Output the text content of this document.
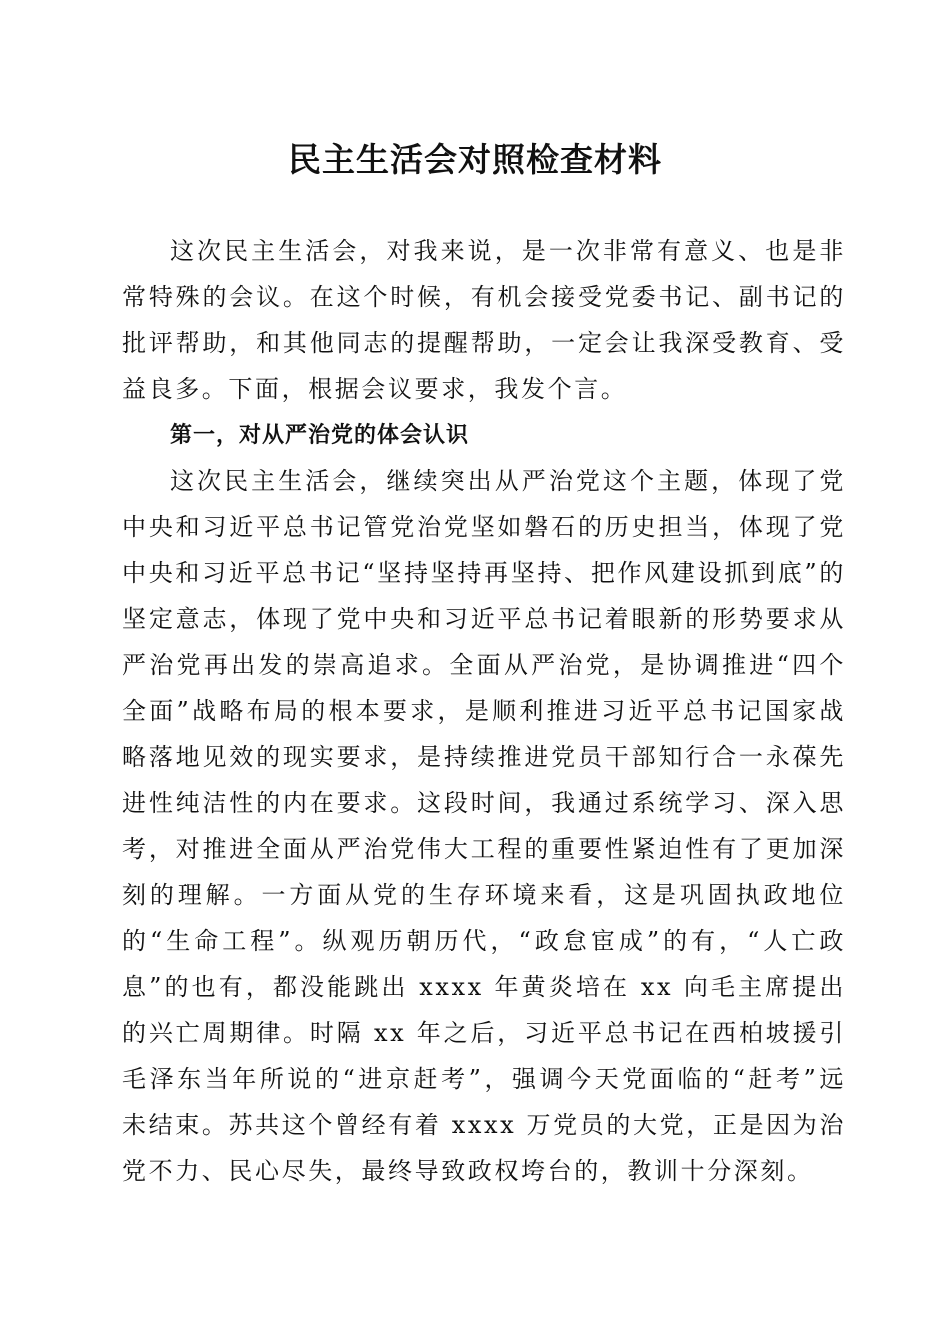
民主生活会对照检查材料

这次民主生活会，对我来说，是一次非常有意义、也是非常特殊的会议。在这个时候，有机会接受党委书记、副书记的批评帮助，和其他同志的提醒帮助，一定会让我深受教育、受益良多。下面，根据会议要求，我发个言。

第一，对从严治党的体会认识

这次民主生活会，继续突出从严治党这个主题，体现了党中央和习近平总书记管党治党坚如磐石的历史担当，体现了党中央和习近平总书记“坚持坚持再坚持、把作风建设抓到底”的坚定意志，体现了党中央和习近平总书记着眼新的形势要求从严治党再出发的崇高追求。全面从严治党，是协调推进“四个全面”战略布局的根本要求，是顺利推进习近平总书记国家战略落地见效的现实要求，是持续推进党员干部知行合一永葆先进性纯洁性的内在要求。这段时间，我通过系统学习、深入思考，对推进全面从严治党伟大工程的重要性紧迫性有了更加深刻的理解。一方面从党的生存环境来看，这是巩固执政地位的“生命工程”。纵观历朝历代，“政怠宦成”的有，“人亡政息”的也有，都没能跳出 xxxx 年黄炎培在 xx 向毛主席提出的兴亡周期律。时隔 xx 年之后，习近平总书记在西柏坡援引毛泽东当年所说的“进京赶考”，强调今天党面临的“赶考”远未结束。苏共这个曾经有着 xxxx 万党员的大党，正是因为治党不力、民心尽失，最终导致政权垮台的，教训十分深刻。
